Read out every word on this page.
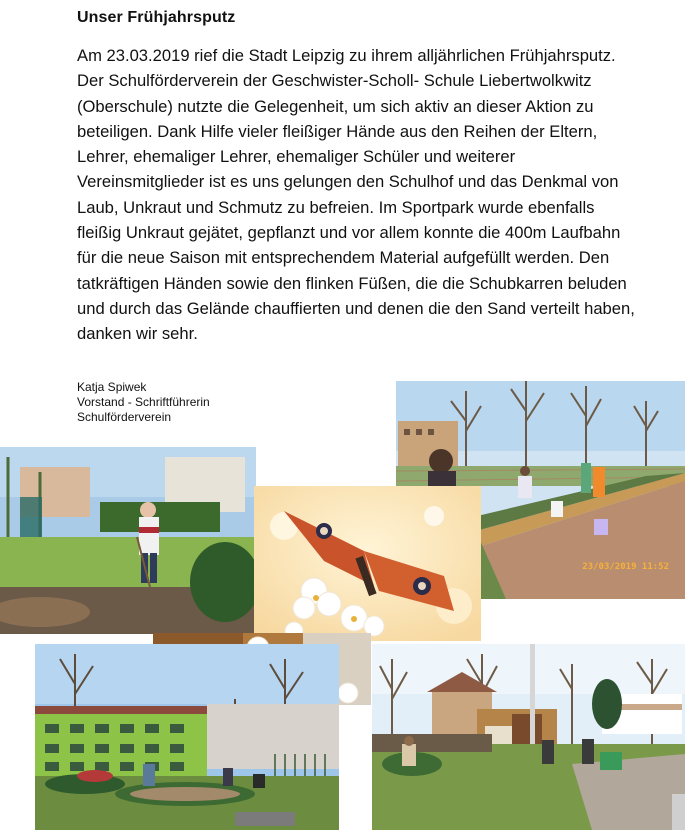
Unser Frühjahrsputz
Am 23.03.2019 rief die Stadt Leipzig zu ihrem alljährlichen Frühjahrsputz. Der Schulförderverein der Geschwister-Scholl- Schule Liebertwolkwitz (Oberschule) nutzte die Gelegenheit, um sich aktiv an dieser Aktion zu beteiligen. Dank Hilfe vieler fleißiger Hände aus den Reihen der Eltern, Lehrer, ehemaliger Lehrer, ehemaliger Schüler und weiterer Vereinsmitglieder ist es uns gelungen den Schulhof und das Denkmal von Laub, Unkraut und Schmutz zu befreien. Im Sportpark wurde ebenfalls fleißig Unkraut gejätet, gepflanzt und vor allem konnte die 400m Laufbahn für die neue Saison mit entsprechendem Material aufgefüllt werden. Den tatkräftigen Händen sowie den flinken Füßen, die die Schubkarren beluden und durch das Gelände chauffierten und denen die den Sand verteilt haben, danken wir sehr.
Katja Spiwek
Vorstand - Schriftführerin
Schulförderverein
23/03/2019 11:52
